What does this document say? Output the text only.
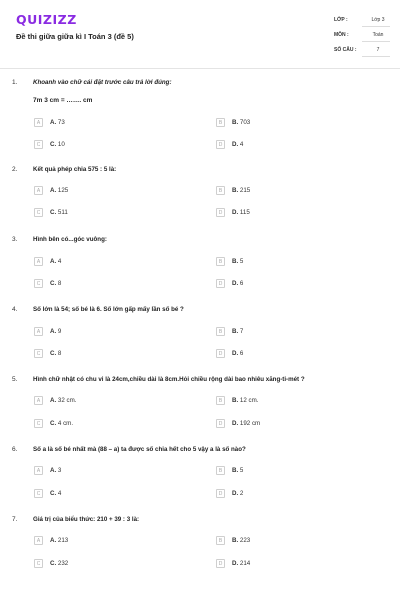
QUIZIZZ
Đề thi giữa giữa kì I Toán 3 (đề 5)
LỚP :	Lớp 3
MÔN :	Toán
SỐ CÂU :	7
1.	Khoanh vào chữ cái đặt trước câu trả lời đúng:
7m 3 cm = ……. cm
A	A. 73	B	B. 703
C	C. 10	D	D. 4
2.	Kết quả phép chia 575 : 5 là:
A	A. 125	B	B. 215
C	C. 511	D	D. 115
3.	Hình bên có...góc vuông:
A	A. 4	B	B. 5
C	C. 8	D	D. 6
4.	Số lớn là 54; số bé là 6. Số lớn gấp mấy lần số bé ?
A	A. 9	B	B. 7
C	C. 8	D	D. 6
5.	Hình chữ nhật có chu vi là 24cm,chiều dài là 8cm.Hỏi chiều rộng dài bao nhiêu xăng-ti-mét ?
A	A. 32 cm.	B	B. 12 cm.
C	C. 4 cm.	D	D. 192 cm
6.	Số a là số bé nhất mà (88 – a) ta được số chia hết cho 5 vậy a là số nào?
A	A. 3	B	B. 5
C	C. 4	D	D. 2
7.	Giá trị của biểu thức: 210 + 39 : 3 là:
A	A. 213	B	B. 223
C	C. 232	D	D. 214
